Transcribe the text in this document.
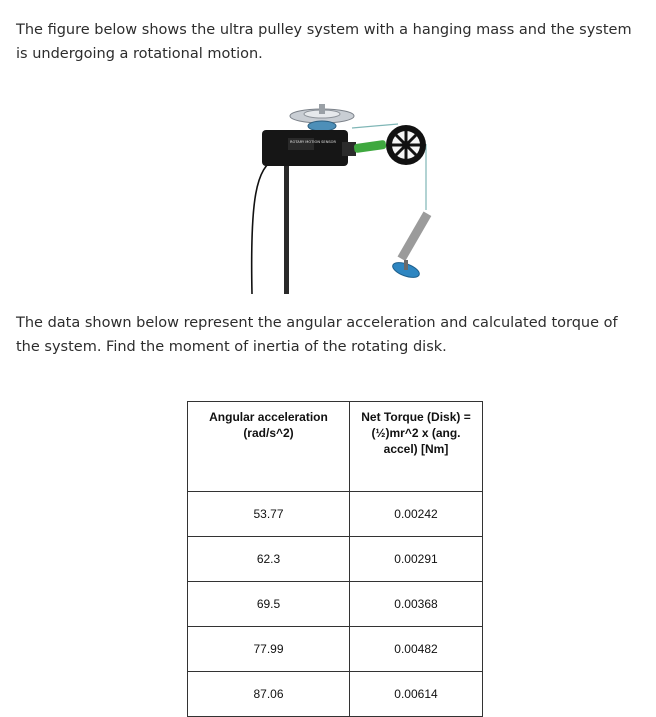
The figure below shows the ultra pulley system with a hanging mass and the system is undergoing a rotational motion.

ROTARY MOTION SENSOR

The data shown below represent the angular acceleration and calculated torque of the system. Find the moment of inertia of the rotating disk.

Angular acceleration (rad/s^2)	Net Torque (Disk) = (½)mr^2 x (ang. accel) [Nm]
53.77	0.00242
62.3	0.00291
69.5	0.00368
77.99	0.00482
87.06	0.00614
